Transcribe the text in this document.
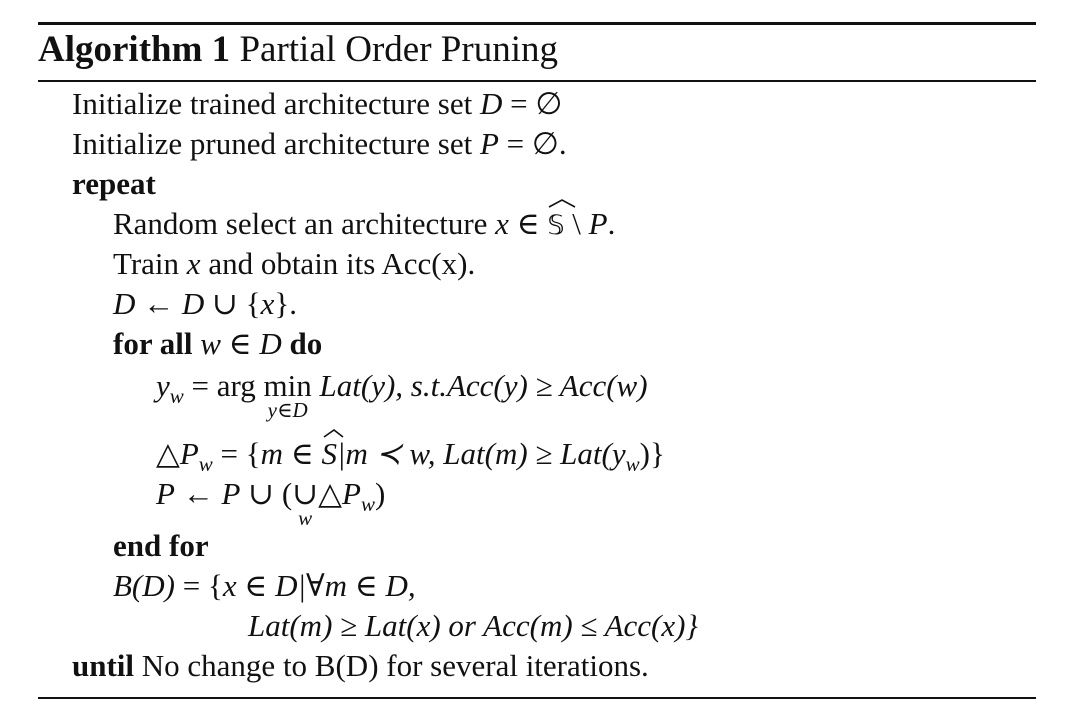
Algorithm 1 Partial Order Pruning
Initialize trained architecture set D = ∅
Initialize pruned architecture set P = ∅.
repeat
Random select an architecture x ∈
𝕊 \ P.
Train x and obtain its Acc(x).
D ← D ∪ {x}.
for all w ∈ D do
$y_w$ = arg min
y∈D
Lat(y), s.t.Acc(y) ≥ Acc(w)
$\triangle P_w = \{m$ ∈
S|m ≺ w, $Lat(m) \ge Lat(y_w)$}
P ← P ∪ ( ∪
w
$\triangle P_w$)
end for
B(D) = {x ∈ D|∀m ∈ D,
Lat(m) ≥ Lat(x) or Acc(m) ≤ Acc(x)}
until No change to B(D) for several iterations.
